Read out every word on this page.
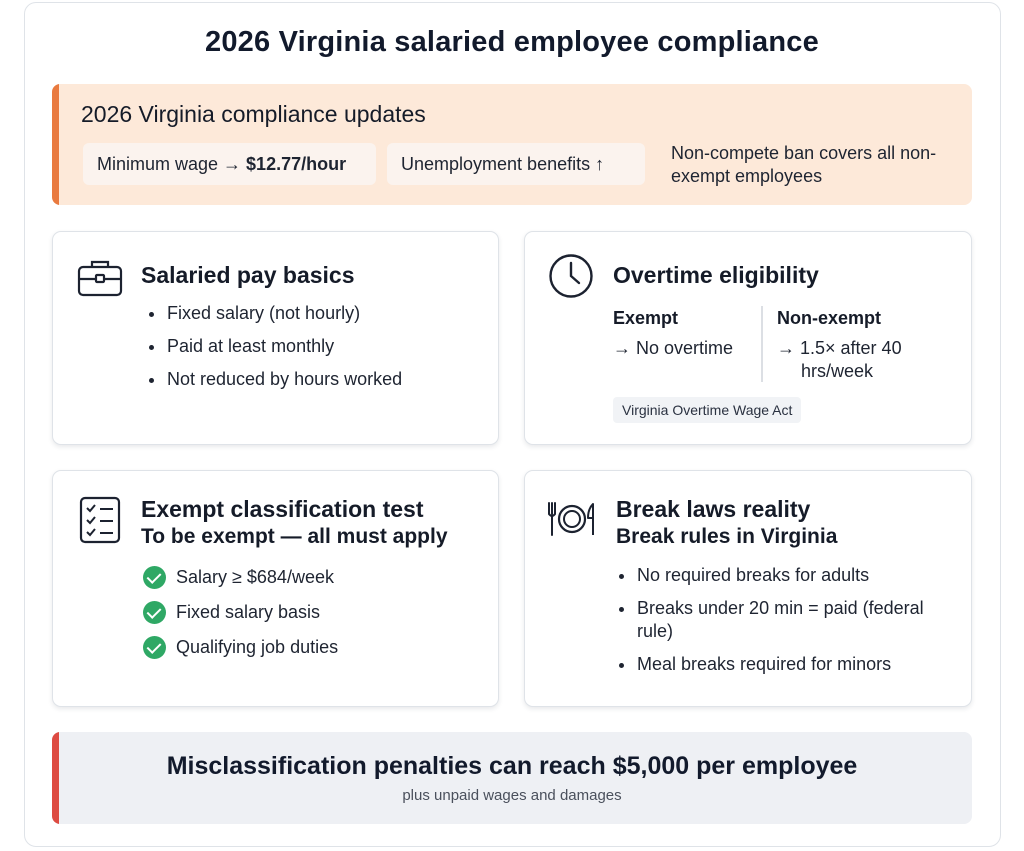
2026 Virginia salaried employee compliance
2026 Virginia compliance updates
Minimum wage → $12.77/hour	Unemployment benefits ↑
Non-compete ban covers all non-exempt employees
Salaried pay basics
Fixed salary (not hourly)
Paid at least monthly
Not reduced by hours worked
Overtime eligibility
Exempt
→ No overtime
Non-exempt
→ 1.5× after 40 hrs/week
Virginia Overtime Wage Act
Exempt classification test
To be exempt — all must apply
Salary ≥ $684/week
Fixed salary basis
Qualifying job duties
Break laws reality
Break rules in Virginia
No required breaks for adults
Breaks under 20 min = paid (federal rule)
Meal breaks required for minors
Misclassification penalties can reach $5,000 per employee
plus unpaid wages and damages
